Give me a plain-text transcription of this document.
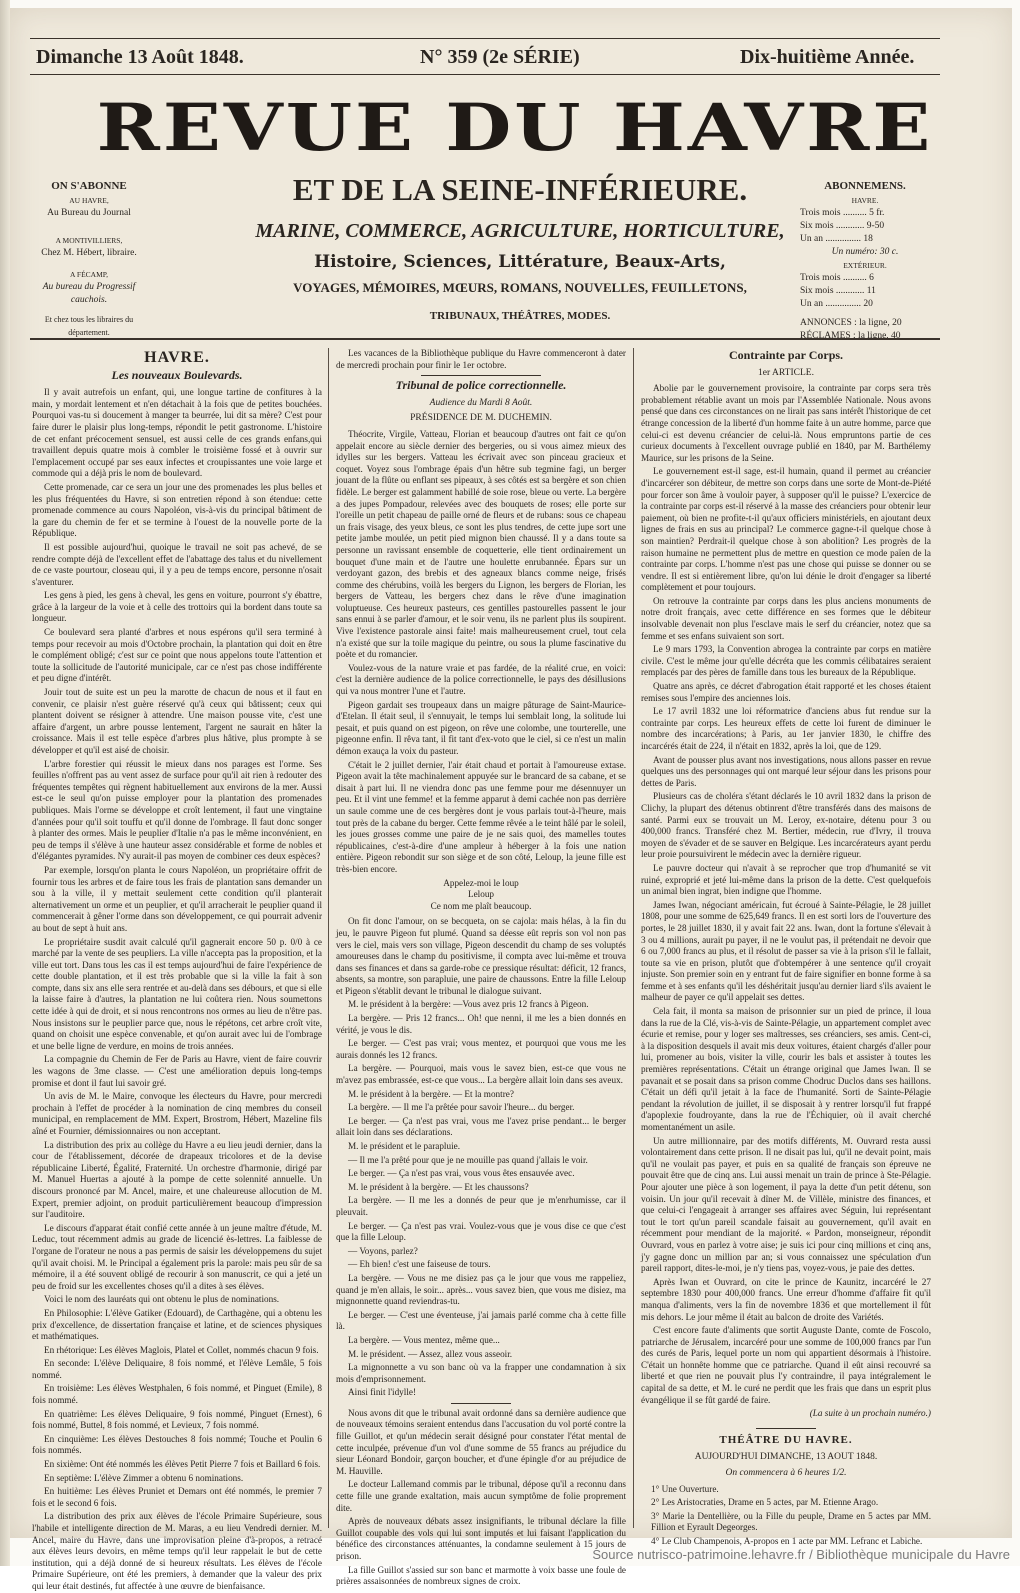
Dimanche 13 Août 1848.	N° 359 (2e SÉRIE)	Dix-huitième Année.
REVUE DU HAVRE
ET DE LA SEINE-INFÉRIEURE.
MARINE, COMMERCE, AGRICULTURE, HORTICULTURE,
Histoire, Sciences, Littérature, Beaux-Arts,
VOYAGES, MÉMOIRES, MŒURS, ROMANS, NOUVELLES, FEUILLETONS,
TRIBUNAUX, THÉÂTRES, MODES.
ON S'ABONNE
AU HAVRE,
Au Bureau du Journal
A MONTIVILLIERS,
Chez M. Hébert, libraire.
A FÉCAMP,
Au bureau du Progressif cauchois.
Et chez tous les libraires du département.
ABONNEMENS.
HAVRE.
Trois mois .......... 5 fr.
Six mois ............ 9-50
Un an ............... 18
Un numéro: 30 c.
EXTÉRIEUR.
Trois mois .......... 6
Six mois ............ 11
Un an ............... 20
ANNONCES : la ligne, 20
RÉCLAMES : la ligne, 40
HAVRE.
Les nouveaux Boulevards.

Il y avait autrefois un enfant, qui, une longue tartine de confitures à la main, y mordait lentement et n'en détachait à la fois que de petites bouchées. Pourquoi vas-tu si doucement à manger ta beurrée, lui dit sa mère? C'est pour faire durer le plaisir plus long-temps, répondit le petit gastronome. L'histoire de cet enfant précocement sensuel, est aussi celle de ces grands enfans,qui travaillent depuis quatre mois à combler le troisième fossé et à ouvrir sur l'emplacement occupé par ses eaux infectes et croupissantes une voie large et commode qui a déjà pris le nom de boulevard.

Cette promenade, car ce sera un jour une des promenades les plus belles et les plus fréquentées du Havre, si son entretien répond à son étendue: cette promenade commence au cours Napoléon, vis-à-vis du principal bâtiment de la gare du chemin de fer et se termine à l'ouest de la nouvelle porte de la République.

Il est possible aujourd'hui, quoique le travail ne soit pas achevé, de se rendre compte déjà de l'excellent effet de l'abattage des talus et du nivellement de ce vaste pourtour, closeau qui, il y a peu de temps encore, personne n'osait s'aventurer.

Les gens à pied, les gens à cheval, les gens en voiture, pourront s'y ébattre, grâce à la largeur de la voie et à celle des trottoirs qui la bordent dans toute sa longueur.

Ce boulevard sera planté d'arbres et nous espérons qu'il sera terminé à temps pour recevoir au mois d'Octobre prochain, la plantation qui doit en être le complément obligé; c'est sur ce point que nous appelons toute l'attention et toute la sollicitude de l'autorité municipale, car ce n'est pas chose indifférente et peu digne d'intérêt.

Jouir tout de suite est un peu la marotte de chacun de nous et il faut en convenir, ce plaisir n'est guère réservé qu'à ceux qui bâtissent; ceux qui plantent doivent se résigner à attendre. Une maison pousse vite, c'est une affaire d'argent, un arbre pousse lentement, l'argent ne saurait en hâter la croissance. Mais il est telle espèce d'arbres plus hâtive, plus prompte à se développer et qu'il est aisé de choisir.

L'arbre forestier qui réussit le mieux dans nos parages est l'orme. Ses feuilles n'offrent pas au vent assez de surface pour qu'il ait rien à redouter des fréquentes tempêtes qui règnent habituellement aux environs de la mer. Aussi est-ce le seul qu'on puisse employer pour la plantation des promenades publiques. Mais l'orme se développe et croît lentement, il faut une vingtaine d'années pour qu'il soit touffu et qu'il donne de l'ombrage. Il faut donc songer à planter des ormes. Mais le peuplier d'Italie n'a pas le même inconvénient, en peu de temps il s'élève à une hauteur assez considérable et forme de nobles et d'élégantes pyramides. N'y aurait-il pas moyen de combiner ces deux espèces?

Par exemple, lorsqu'on planta le cours Napoléon, un propriétaire offrit de fournir tous les arbres et de faire tous les frais de plantation sans demander un sou à la ville, il y mettait seulement cette condition qu'il planterait alternativement un orme et un peuplier, et qu'il arracherait le peuplier quand il commencerait à gêner l'orme dans son développement, ce qui pourrait advenir au bout de sept à huit ans.

Le propriétaire susdit avait calculé qu'il gagnerait encore 50 p. 0/0 à ce marché par la vente de ses peupliers. La ville n'accepta pas la proposition, et la ville eut tort. Dans tous les cas il est temps aujourd'hui de faire l'expérience de cette double plantation, et il est très probable que si la ville la fait à son compte, dans six ans elle sera rentrée et au-delà dans ses débours, et que si elle la laisse faire à d'autres, la plantation ne lui coûtera rien. Nous soumettons cette idée à qui de droit, et si nous rencontrons nos ormes au lieu de n'être pas. Nous insistons sur le peuplier parce que, nous le répétons, cet arbre croît vite, quand on choisit une espèce convenable, et qu'on aurait avec lui de l'ombrage et une belle ligne de verdure, en moins de trois années.

La compagnie du Chemin de Fer de Paris au Havre, vient de faire couvrir les wagons de 3me classe. — C'est une amélioration depuis long-temps promise et dont il faut lui savoir gré.

Un avis de M. le Maire, convoque les électeurs du Havre, pour mercredi prochain à l'effet de procéder à la nomination de cinq membres du conseil municipal, en remplacement de MM. Expert, Brostrom, Hébert, Mazeline fils aîné et Fournier, démissionnaires ou non acceptant.

La distribution des prix au collège du Havre a eu lieu jeudi dernier, dans la cour de l'établissement, décorée de drapeaux tricolores et de la devise républicaine Liberté, Égalité, Fraternité. Un orchestre d'harmonie, dirigé par M. Manuel Huertas a ajouté à la pompe de cette solennité annuelle. Un discours prononcé par M. Ancel, maire, et une chaleureuse allocution de M. Expert, premier adjoint, on produit particulièrement beaucoup d'impression sur l'auditoire.

Le discours d'apparat était confié cette année à un jeune maître d'étude, M. Leduc, tout récemment admis au grade de licencié ès-lettres. La faiblesse de l'organe de l'orateur ne nous a pas permis de saisir les développemens du sujet qu'il avait choisi. M. le Principal a également pris la parole: mais peu sûr de sa mémoire, il a été souvent obligé de recourir à son manuscrit, ce qui a jeté un peu de froid sur les excellentes choses qu'il a dites à ses élèves.

Voici le nom des lauréats qui ont obtenu le plus de nominations.

En Philosophie: L'élève Gatiker (Edouard), de Carthagène, qui a obtenu les prix d'excellence, de dissertation française et latine, et de sciences physiques et mathématiques.

En rhétorique: Les élèves Maglois, Platel et Collet, nommés chacun 9 fois.

En seconde: L'élève Deliquaire, 8 fois nommé, et l'élève Lemâle, 5 fois nommé.

En troisième: Les élèves Westphalen, 6 fois nommé, et Pinguet (Emile), 8 fois nommé.

En quatrième: Les élèves Deliquaire, 9 fois nommé, Pinguet (Ernest), 6 fois nommé, Buttel, 8 fois nommé, et Levieux, 7 fois nommé.

En cinquième: Les élèves Destouches 8 fois nommé; Touche et Poulin 6 fois nommés.

En sixième: Ont été nommés les élèves Petit Pierre 7 fois et Baillard 6 fois.

En septième: L'élève Zimmer a obtenu 6 nominations.

En huitième: Les élèves Pruniet et Demars ont été nommés, le premier 7 fois et le second 6 fois.

La distribution des prix aux élèves de l'école Primaire Supérieure, sous l'habile et intelligente direction de M. Maras, a eu lieu Vendredi dernier. M. Ancel, maire du Havre, dans une improvisation pleine d'à-propos, a retracé aux élèves leurs devoirs, en même temps qu'il leur rappelait le but de cette institution, qui a déjà donné de si heureux résultats. Les élèves de l'école Primaire Supérieure, ont été les premiers, à demander que la valeur des prix qui leur était destinés, fut affectée à une œuvre de bienfaisance.

Les vacances de la Bibliothèque publique du Havre commenceront à dater de mercredi prochain pour finir le 1er octobre.

Tribunal de police correctionnelle.
Audience du Mardi 8 Août.
PRÉSIDENCE DE M. DUCHEMIN.

Théocrite, Virgile, Vatteau, Florian et beaucoup d'autres ont fait ce qu'on appelait encore au siècle dernier des bergeries, ou si vous aimez mieux des idylles sur les bergers. Vatteau les écrivait avec son pinceau gracieux et coquet. Voyez sous l'ombrage épais d'un hêtre sub tegmine fagi, un berger jouant de la flûte ou enflant ses pipeaux, à ses côtés est sa bergère et son chien fidèle. Le berger est galamment habillé de soie rose, bleue ou verte. La bergère a des jupes Pompadour, relevées avec des bouquets de roses; elle porte sur l'oreille un petit chapeau de paille orné de fleurs et de rubans: sous ce chapeau un frais visage, des yeux bleus, ce sont les plus tendres, de cette jupe sort une petite jambe moulée, un petit pied mignon bien chaussé. Il y a dans toute sa personne un ravissant ensemble de coquetterie, elle tient ordinairement un bouquet d'une main et de l'autre une houlette enrubannée. Épars sur un verdoyant gazon, des brebis et des agneaux blancs comme neige, frisés comme des chérubins, voilà les bergers du Lignon, les bergers de Florian, les bergers de Vatteau, les bergers chez dans le rêve d'une imagination voluptueuse. Ces heureux pasteurs, ces gentilles pastourelles passent le jour sans ennui à se parler d'amour, et le soir venu, ils ne parlent plus ils soupirent. Vive l'existence pastorale ainsi faite! mais malheureusement cruel, tout cela n'a existé que sur la toile magique du peintre, ou sous la plume fascinative du poète et du romancier.

Voulez-vous de la nature vraie et pas fardée, de la réalité crue, en voici: c'est la dernière audience de la police correctionnelle, le pays des désillusions qui va nous montrer l'une et l'autre.

Pigeon gardait ses troupeaux dans un maigre pâturage de Saint-Maurice-d'Etelan. Il était seul, il s'ennuyait, le temps lui semblait long, la solitude lui pesait, et puis quand on est pigeon, on rêve une colombe, une tourterelle, une pigeonne enfin. Il rêva tant, il fit tant d'ex-voto que le ciel, si ce n'est un malin démon exauça la voix du pasteur.

C'était le 2 juillet dernier, l'air était chaud et portait à l'amoureuse extase. Pigeon avait la tête machinalement appuyée sur le brancard de sa cabane, et se disait à part lui. Il ne viendra donc pas une femme pour me désennuyer un peu. Et il vint une femme! et la femme apparut à demi cachée non pas derrière un saule comme une de ces bergères dont je vous parlais tout-à-l'heure, mais tout près de la cabane du berger. Cette femme rêvée a le teint hâlé par le soleil, les joues grosses comme une paire de je ne sais quoi, des mamelles toutes républicaines, c'est-à-dire d'une ampleur à héberger à la fois une nation entière. Pigeon rebondit sur son siège et de son côté, Leloup, la jeune fille est très-bien encore.

Appelez-moi le loup
Leloup
Ce nom me plaît beaucoup.

On fit donc l'amour, on se becqueta, on se cajola: mais hélas, à la fin du jeu, le pauvre Pigeon fut plumé. Quand sa déesse eût repris son vol non pas vers le ciel, mais vers son village, Pigeon descendit du champ de ses voluptés amoureuses dans le champ du positivisme, il compta avec lui-même et trouva dans ses finances et dans sa garde-robe ce pressique résultat: déficit, 12 francs, absents, sa montre, son parapluie, une paire de chaussons. Entre la fille Leloup et Pigeon s'établit devant le tribunal le dialogue suivant.

M. le président à la bergère: —Vous avez pris 12 francs à Pigeon.

La bergère. — Pris 12 francs... Oh! que nenni, il me les a bien donnés en vérité, je vous le dis.

Le berger. — C'est pas vrai; vous mentez, et pourquoi que vous me les aurais donnés les 12 francs.

La bergère. — Pourquoi, mais vous le savez bien, est-ce que vous ne m'avez pas embrassée, est-ce que vous... La bergère allait loin dans ses aveux.

M. le président à la bergère. — Et la montre?

La bergère. — Il me l'a prêtée pour savoir l'heure... du berger.

Le berger. — Ça n'est pas vrai, vous me l'avez prise pendant... le berger allait loin dans ses déclarations.

M. le président et le parapluie.

— Il me l'a prêté pour que je ne mouille pas quand j'allais le voir.

Le berger. — Ça n'est pas vrai, vous vous êtes ensauvée avec.

M. le président à la bergère. — Et les chaussons?

La bergère. — Il me les a donnés de peur que je m'enrhumisse, car il pleuvait.

Le berger. — Ça n'est pas vrai. Voulez-vous que je vous dise ce que c'est que la fille Leloup.

— Voyons, parlez?

— Eh bien! c'est une faiseuse de tours.

La bergère. — Vous ne me disiez pas ça le jour que vous me rappeliez, quand je m'en allais, le soir... après... vous savez bien, que vous me disiez, ma mignonnette quand reviendras-tu.

Le berger. — C'est une éventeuse, j'ai jamais parlé comme cha à cette fille là.

La bergère. — Vous mentez, même que...

M. le président. — Assez, allez vous asseoir.

La mignonnette a vu son banc où va la frapper une condamnation à six mois d'emprisonnement.

Ainsi finit l'idylle!

Nous avons dit que le tribunal avait ordonné dans sa dernière audience que de nouveaux témoins seraient entendus dans l'accusation du vol porté contre la fille Guillot, et qu'un médecin serait désigné pour constater l'état mental de cette inculpée, prévenue d'un vol d'une somme de 55 francs au préjudice du sieur Léonard Bondoir, garçon boucher, et d'une épingle d'or au préjudice de M. Hauville.

Le docteur Lallemand commis par le tribunal, dépose qu'il a reconnu dans cette fille une grande exaltation, mais aucun symptôme de folie proprement dite.

Après de nouveaux débats assez insignifiants, le tribunal déclare la fille Guillot coupable des vols qui lui sont imputés et lui faisant l'application du bénéfice des circonstances atténuantes, la condamne seulement à 15 jours de prison.

La fille Guillot s'assied sur son banc et marmotte à voix basse une foule de prières assaisonnées de nombreux signes de croix.

Contrainte par Corps.
1er ARTICLE.

Abolie par le gouvernement provisoire, la contrainte par corps sera très probablement rétablie avant un mois par l'Assemblée Nationale. Nous avons pensé que dans ces circonstances on ne lirait pas sans intérêt l'historique de cet étrange concession de la liberté d'un homme faite à un autre homme, parce que celui-ci est devenu créancier de celui-là. Nous empruntons partie de ces curieux documents à l'excellent ouvrage publié en 1840, par M. Barthélemy Maurice, sur les prisons de la Seine.

Le gouvernement est-il sage, est-il humain, quand il permet au créancier d'incarcérer son débiteur, de mettre son corps dans une sorte de Mont-de-Piété pour forcer son âme à vouloir payer, à supposer qu'il le puisse? L'exercice de la contrainte par corps est-il réservé à la masse des créanciers pour obtenir leur paiement, où bien ne profite-t-il qu'aux officiers ministériels, en ajoutant deux lignes de frais en sus au principal? Le commerce gagne-t-il quelque chose à son maintien? Perdrait-il quelque chose à son abolition? Les progrès de la raison humaine ne permettent plus de mettre en question ce mode païen de la contrainte par corps. L'homme n'est pas une chose qui puisse se donner ou se vendre. Il est si entièrement libre, qu'on lui dénie le droit d'engager sa liberté complètement et pour toujours.

On retrouve la contrainte par corps dans les plus anciens monuments de notre droit français, avec cette différence en ses formes que le débiteur insolvable devenait non plus l'esclave mais le serf du créancier, notez que sa femme et ses enfans suivaient son sort.

Le 9 mars 1793, la Convention abrogea la contrainte par corps en matière civile. C'est le même jour qu'elle décréta que les commis célibataires seraient remplacés par des pères de famille dans tous les bureaux de la République.

Quatre ans après, ce décret d'abrogation était rapporté et les choses étaient remises sous l'empire des anciennes lois.

Le 17 avril 1832 une loi réformatrice d'anciens abus fut rendue sur la contrainte par corps. Les heureux effets de cette loi furent de diminuer le nombre des incarcérations; à Paris, au 1er janvier 1830, le chiffre des incarcérés était de 224, il n'était en 1832, après la loi, que de 129.

Avant de pousser plus avant nos investigations, nous allons passer en revue quelques uns des personnages qui ont marqué leur séjour dans les prisons pour dettes de Paris.

Plusieurs cas de choléra s'étant déclarés le 10 avril 1832 dans la prison de Clichy, la plupart des détenus obtinrent d'être transférés dans des maisons de santé. Parmi eux se trouvait un M. Leroy, ex-notaire, détenu pour 3 ou 400,000 francs. Transféré chez M. Bertier, médecin, rue d'Ivry, il trouva moyen de s'évader et de se sauver en Belgique. Les incarcérateurs ayant perdu leur proie poursuivirent le médecin avec la dernière rigueur.

Le pauvre docteur qui n'avait à se reprocher que trop d'humanité se vit ruiné, exproprié et jeté lui-même dans la prison de la dette. C'est quelquefois un animal bien ingrat, bien indigne que l'homme.

James Iwan, négociant américain, fut écroué à Sainte-Pélagie, le 28 juillet 1808, pour une somme de 625,649 francs. Il en est sorti lors de l'ouverture des portes, le 28 juillet 1830, il y avait fait 22 ans. Iwan, dont la fortune s'élevait à 3 ou 4 millions, aurait pu payer, il ne le voulut pas, il prétendait ne devoir que 6 ou 7,000 francs au plus, et il résolut de passer sa vie à la prison s'il le fallait, toute sa vie en prison, plutôt que d'obtempérer à une sentence qu'il croyait injuste. Son premier soin en y entrant fut de faire signifier en bonne forme à sa femme et à ses enfants qu'il les déshéritait jusqu'au dernier liard s'ils avaient le malheur de payer ce qu'il appelait ses dettes.

Cela fait, il monta sa maison de prisonnier sur un pied de prince, il loua dans la rue de la Clé, vis-à-vis de Sainte-Pélagie, un appartement complet avec écurie et remise, pour y loger ses maîtresses, ses créanciers, ses amis. Cent-ci, à la disposition desquels il avait mis deux voitures, étaient chargés d'aller pour lui, promener au bois, visiter la ville, courir les bals et assister à toutes les premières représentations. C'était un étrange original que James Iwan. Il se pavanait et se posait dans sa prison comme Chodruc Duclos dans ses haillons. C'était un défi qu'il jetait à la face de l'humanité. Sorti de Sainte-Pélagie pendant la révolution de juillet, il se disposait à y rentrer lorsqu'il fut frappé d'apoplexie foudroyante, dans la rue de l'Échiquier, où il avait cherché momentanément un asile.

Un autre millionnaire, par des motifs différents, M. Ouvrard resta aussi volontairement dans cette prison. Il ne disait pas lui, qu'il ne devait point, mais qu'il ne voulait pas payer, et puis en sa qualité de français son épreuve ne pouvait être que de cinq ans. Lui aussi menait un train de prince à Ste-Pélagie. Pour ajouter une pièce à son logement, il paya la dette d'un petit détenu, son voisin. Un jour qu'il recevait à dîner M. de Villèle, ministre des finances, et que celui-ci l'engageait à arranger ses affaires avec Séguin, lui représentant tout le tort qu'un pareil scandale faisait au gouvernement, qu'il avait en récemment pour mendiant de la majorité. « Pardon, monseigneur, répondit Ouvrard, vous en parlez à votre aise; je suis ici pour cinq millions et cinq ans, j'y gagne donc un million par an; si vous connaissez une spéculation d'un pareil rapport, dites-le-moi, je n'y tiens pas, voyez-vous, je paie des dettes.

Après Iwan et Ouvrard, on cite le prince de Kaunitz, incarcéré le 27 septembre 1830 pour 400,000 francs. Une erreur d'homme d'affaire fit qu'il manqua d'aliments, vers la fin de novembre 1836 et que mortellement il fût mis dehors. Le jour même il était au balcon de droite des Variétés.

C'est encore faute d'aliments que sortit Auguste Dante, comte de Foscolo, patriarche de Jérusalem, incarcéré pour une somme de 100,000 francs par l'un des curés de Paris, lequel porte un nom qui appartient désormais à l'histoire. C'était un honnête homme que ce patriarche. Quand il eût ainsi recouvré sa liberté et que rien ne pouvait plus l'y contraindre, il paya intégralement le capital de sa dette, et M. le curé ne perdit que les frais que dans un esprit plus évangélique il se fût gardé de faire.

(La suite à un prochain numéro.)
THÉÂTRE DU HAVRE.
AUJOURD'HUI DIMANCHE, 13 AOUT 1848.
On commencera à 6 heures 1/2.

1° Une Ouverture.

2° Les Aristocraties, Drame en 5 actes, par M. Etienne Arago.

3° Marie la Dentellière, ou la Fille du peuple, Drame en 5 actes par MM. Fillion et Eyrault Degeorges.

4° Le Club Champenois, A-propos en 1 acte par MM. Lefranc et Labiche.

Source nutrisco-patrimoine.lehavre.fr / Bibliothèque municipale du Havre
